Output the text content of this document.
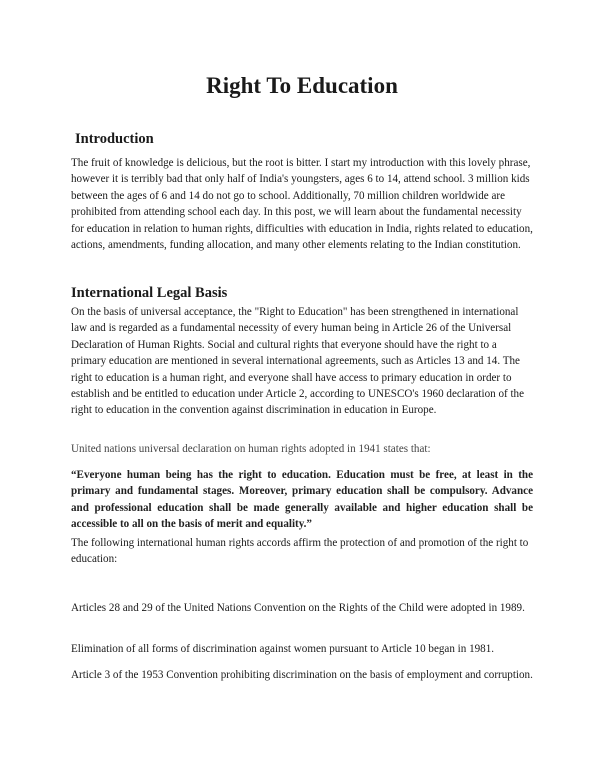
Right To Education
Introduction

The fruit of knowledge is delicious, but the root is bitter. I start my introduction with this lovely phrase, however it is terribly bad that only half of India's youngsters, ages 6 to 14, attend school. 3 million kids between the ages of 6 and 14 do not go to school. Additionally, 70 million children worldwide are prohibited from attending school each day. In this post, we will learn about the fundamental necessity for education in relation to human rights, difficulties with education in India, rights related to education, actions, amendments, funding allocation, and many other elements relating to the Indian constitution.

International Legal Basis

On the basis of universal acceptance, the "Right to Education" has been strengthened in international law and is regarded as a fundamental necessity of every human being in Article 26 of the Universal Declaration of Human Rights. Social and cultural rights that everyone should have the right to a primary education are mentioned in several international agreements, such as Articles 13 and 14. The right to education is a human right, and everyone shall have access to primary education in order to establish and be entitled to education under Article 2, according to UNESCO's 1960 declaration of the right to education in the convention against discrimination in education in Europe.

United nations universal declaration on human rights adopted in 1941 states that:

“Everyone human being has the right to education. Education must be free, at least in the primary and fundamental stages. Moreover, primary education shall be compulsory. Advance and professional education shall be made generally available and higher education shall be accessible to all on the basis of merit and equality.”

The following international human rights accords affirm the protection of and promotion of the right to education:

Articles 28 and 29 of the United Nations Convention on the Rights of the Child were adopted in 1989.

Elimination of all forms of discrimination against women pursuant to Article 10 began in 1981.

Article 3 of the 1953 Convention prohibiting discrimination on the basis of employment and corruption.
